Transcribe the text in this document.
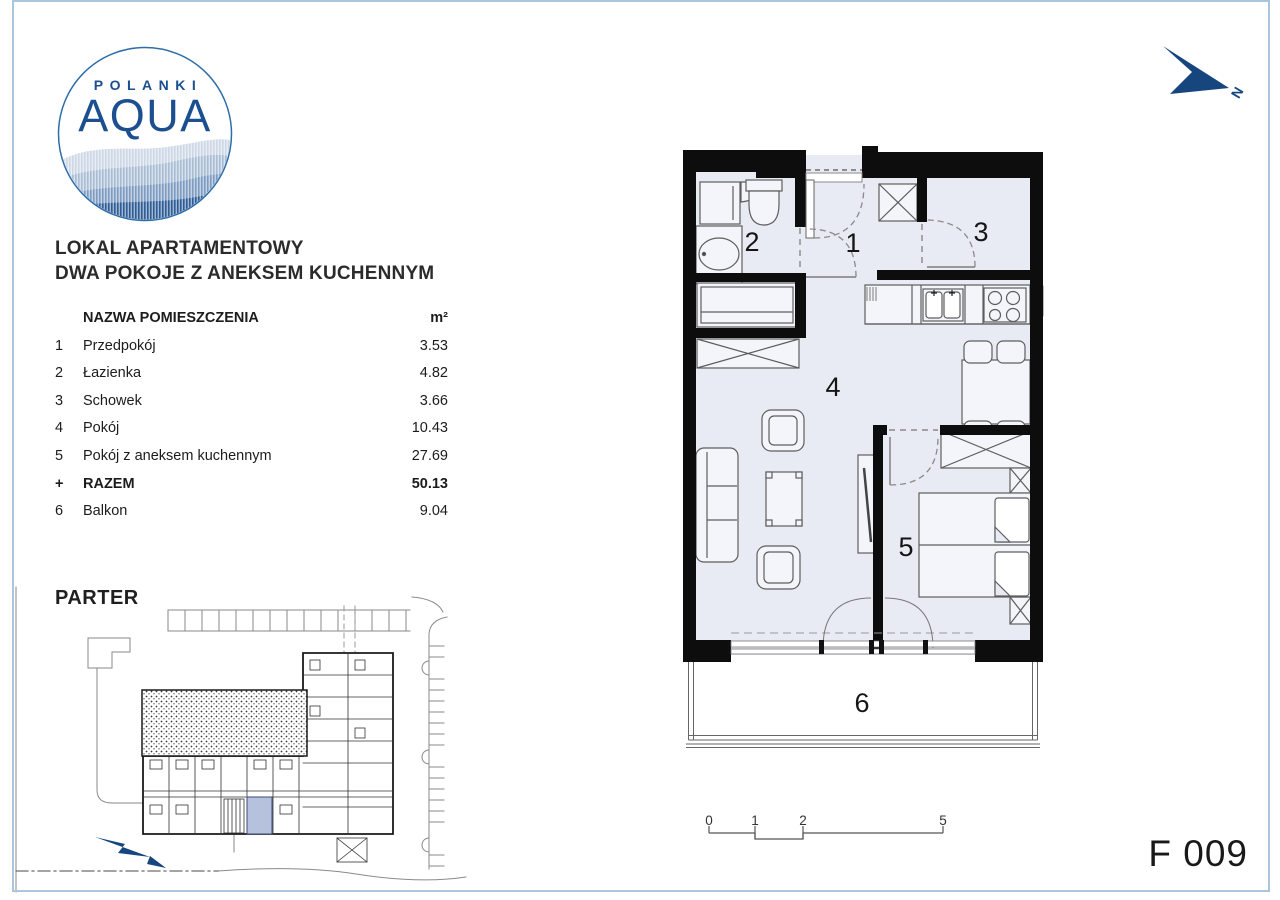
POLANKI
AQUA	N
1
2	3
4
5
6
0	1	2	5
LOKAL APARTAMENTOWY
DWA POKOJE Z ANEKSEM KUCHENNYM
NAZWA POMIESZCZENIA	m²
1	Przedpokój	3.53
2	Łazienka	4.82
3	Schowek	3.66
4	Pokój	10.43
5	Pokój z aneksem kuchennym	27.69
+	RAZEM	50.13
6	Balkon	9.04
PARTER
F 009
